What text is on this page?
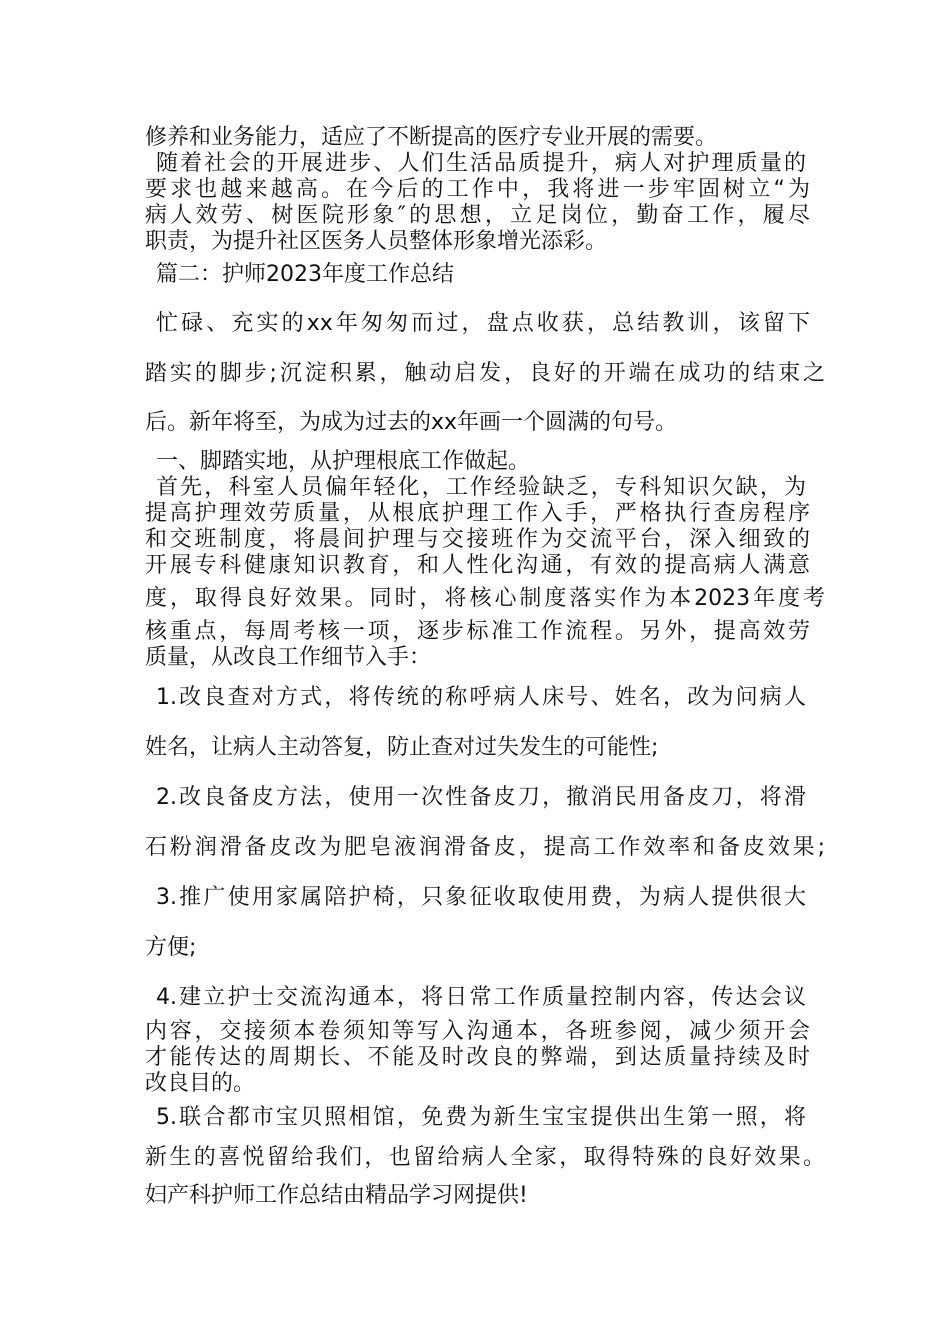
修养和业务能力，适应了不断提高的医疗专业开展的需要。
随着社会的开展进步、人们生活品质提升，病人对护理质量的
要求也越来越高。在今后的工作中，我将进一步牢固树立“为
病人效劳、树医院形象″的思想，立足岗位，勤奋工作，履尽
职责，为提升社区医务人员整体形象增光添彩。
篇二：护师2023年度工作总结
忙碌、充实的xx年匆匆而过，盘点收获，总结教训，该留下
踏实的脚步;沉淀积累，触动启发，良好的开端在成功的结束之
后。新年将至，为成为过去的xx年画一个圆满的句号。
一、脚踏实地，从护理根底工作做起。
首先，科室人员偏年轻化，工作经验缺乏，专科知识欠缺，为
提高护理效劳质量，从根底护理工作入手，严格执行查房程序
和交班制度，将晨间护理与交接班作为交流平台，深入细致的
开展专科健康知识教育，和人性化沟通，有效的提高病人满意
度，取得良好效果。同时，将核心制度落实作为本2023年度考
核重点，每周考核一项，逐步标准工作流程。另外，提高效劳
质量，从改良工作细节入手：
1.改良查对方式，将传统的称呼病人床号、姓名，改为问病人
姓名，让病人主动答复，防止查对过失发生的可能性;
2.改良备皮方法，使用一次性备皮刀，撤消民用备皮刀，将滑
石粉润滑备皮改为肥皂液润滑备皮，提高工作效率和备皮效果;
3.推广使用家属陪护椅，只象征收取使用费，为病人提供很大
方便;
4.建立护士交流沟通本，将日常工作质量控制内容，传达会议
内容，交接须本卷须知等写入沟通本，各班参阅，减少须开会
才能传达的周期长、不能及时改良的弊端，到达质量持续及时
改良目的。
5.联合都市宝贝照相馆，免费为新生宝宝提供出生第一照，将
新生的喜悦留给我们，也留给病人全家，取得特殊的良好效果。
妇产科护师工作总结由精品学习网提供!
